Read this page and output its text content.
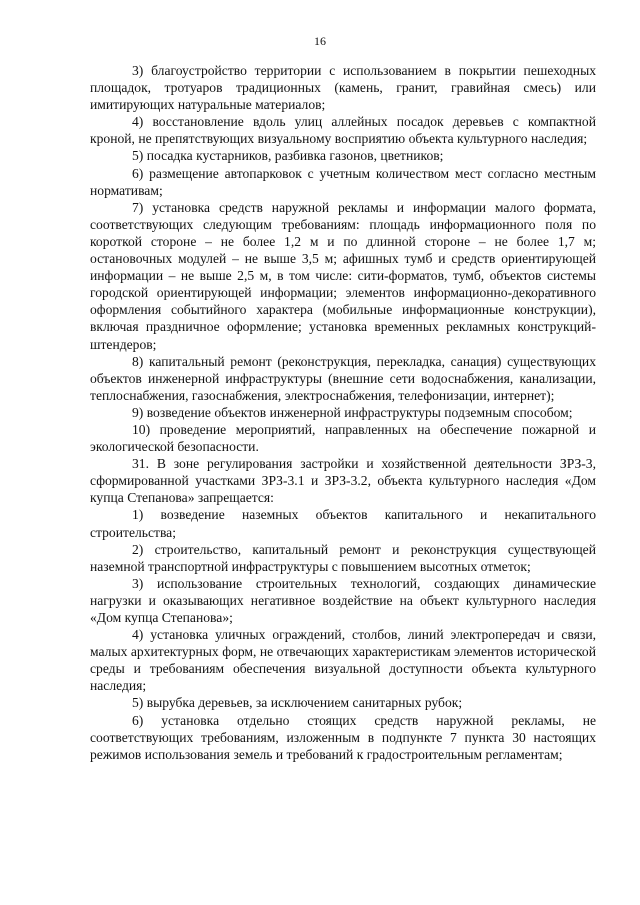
16

3) благоустройство территории с использованием в покрытии пешеходных площадок, тротуаров традиционных (камень, гранит, гравийная смесь) или имитирующих натуральные материалов;

4) восстановление вдоль улиц аллейных посадок деревьев с компактной кроной, не препятствующих визуальному восприятию объекта культурного наследия;

5) посадка кустарников, разбивка газонов, цветников;

6) размещение автопарковок с учетным количеством мест согласно местным нормативам;

7) установка средств наружной рекламы и информации малого формата, соответствующих следующим требованиям: площадь информационного поля по короткой стороне – не более 1,2 м и по длинной стороне – не более 1,7 м; остановочных модулей – не выше 3,5 м; афишных тумб и средств ориентирующей информации – не выше 2,5 м, в том числе: сити-форматов, тумб, объектов системы городской ориентирующей информации; элементов информационно-декоративного оформления событийного характера (мобильные информационные конструкции), включая праздничное оформление; установка временных рекламных конструкций-штендеров;

8) капитальный ремонт (реконструкция, перекладка, санация) существующих объектов инженерной инфраструктуры (внешние сети водоснабжения, канализации, теплоснабжения, газоснабжения, электроснабжения, телефонизации, интернет);

9) возведение объектов инженерной инфраструктуры подземным способом;

10) проведение мероприятий, направленных на обеспечение пожарной и экологической безопасности.

31. В зоне регулирования застройки и хозяйственной деятельности ЗРЗ-3, сформированной участками ЗРЗ-3.1 и ЗРЗ-3.2, объекта культурного наследия «Дом купца Степанова» запрещается:

1) возведение наземных объектов капитального и некапитального строительства;

2) строительство, капитальный ремонт и реконструкция существующей наземной транспортной инфраструктуры с повышением высотных отметок;

3) использование строительных технологий, создающих динамические нагрузки и оказывающих негативное воздействие на объект культурного наследия «Дом купца Степанова»;

4) установка уличных ограждений, столбов, линий электропередач и связи, малых архитектурных форм, не отвечающих характеристикам элементов исторической среды и требованиям обеспечения визуальной доступности объекта культурного наследия;

5) вырубка деревьев, за исключением санитарных рубок;

6) установка отдельно стоящих средств наружной рекламы, не соответствующих требованиям, изложенным в подпункте 7 пункта 30 настоящих режимов использования земель и требований к градостроительным регламентам;
